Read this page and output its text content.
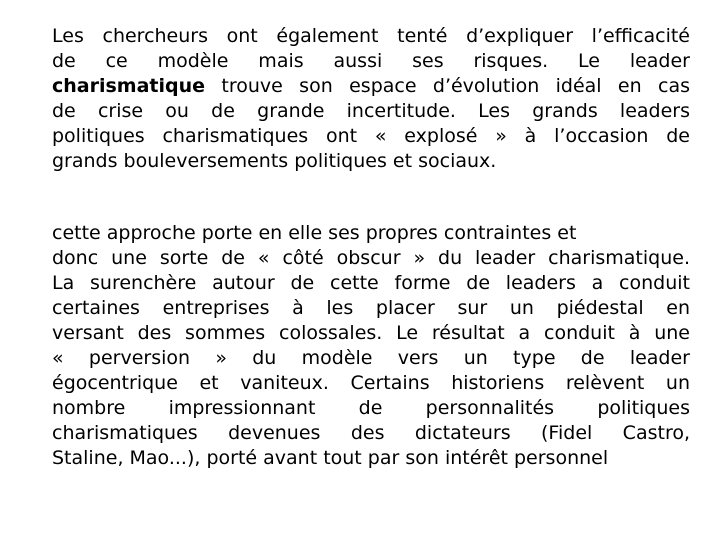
Les chercheurs ont également tenté d’expliquer l’efficacité
de ce modèle mais aussi ses risques. Le leader
charismatique trouve son espace d’évolution idéal en cas
de crise ou de grande incertitude. Les grands leaders
politiques charismatiques ont « explosé » à l’occasion de
grands bouleversements politiques et sociaux.
cette approche porte en elle ses propres contraintes et
donc une sorte de « côté obscur » du leader charismatique.
La surenchère autour de cette forme de leaders a conduit
certaines entreprises à les placer sur un piédestal en
versant des sommes colossales. Le résultat a conduit à une
« perversion » du modèle vers un type de leader
égocentrique et vaniteux. Certains historiens relèvent un
nombre impressionnant de personnalités politiques
charismatiques devenues des dictateurs (Fidel Castro,
Staline, Mao...), porté avant tout par son intérêt personnel
